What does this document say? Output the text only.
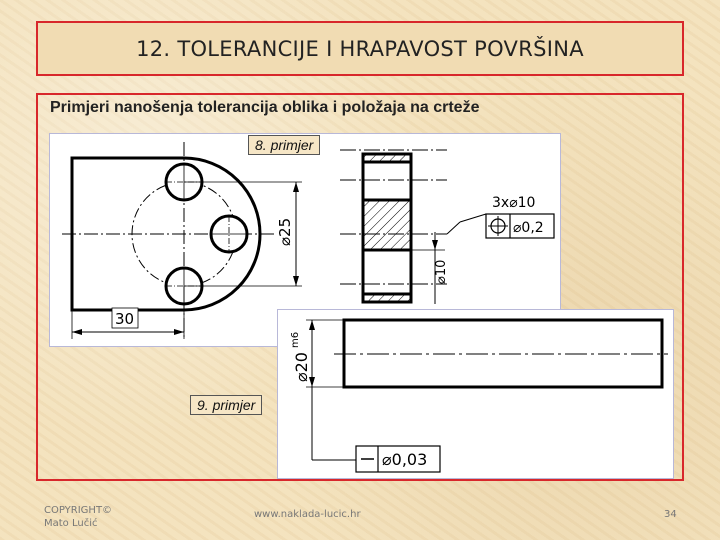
12. TOLERANCIJE I HRAPAVOST POVRŠINA
Primjeri nanošenja tolerancija oblika i položaja na crteže
⌀25
30
⌀10
3x⌀10
⌀0,2
8. primjer
⌀20
m6
⌀0,03
9. primjer
COPYRIGHT©
Mato Lučić
www.naklada-lucic.hr	34
